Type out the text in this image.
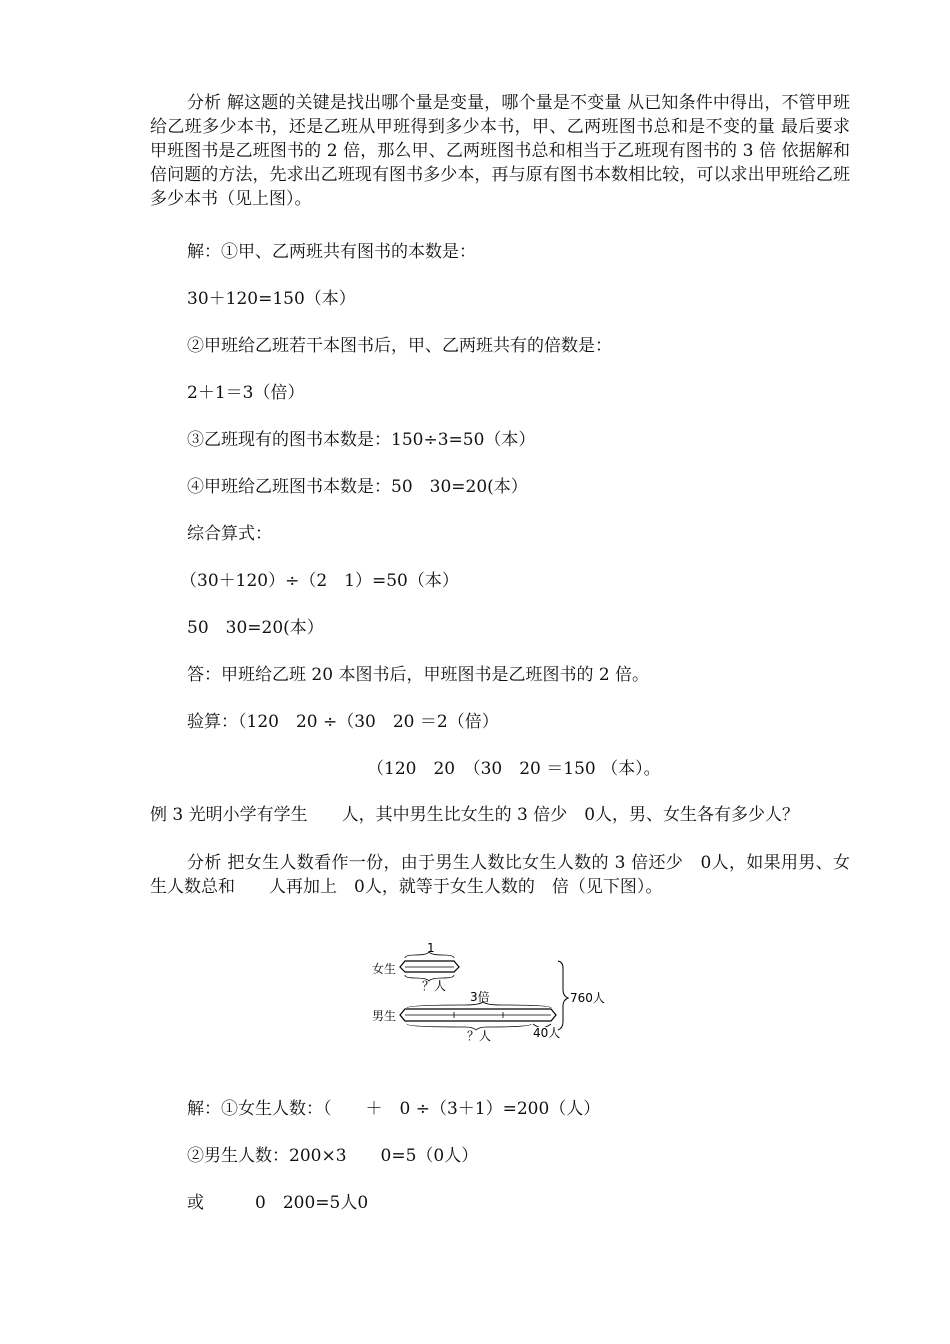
分析 解这题的关键是找出哪个量是变量，哪个量是不变量 从已知条件中得出，不管甲班给乙班多少本书，还是乙班从甲班得到多少本书，甲、乙两班图书总和是不变的量 最后要求甲班图书是乙班图书的 2 倍，那么甲、乙两班图书总和相当于乙班现有图书的 3 倍 依据解和倍问题的方法，先求出乙班现有图书多少本，再与原有图书本数相比较，可以求出甲班给乙班多少本书（见上图）。
解：①甲、乙两班共有图书的本数是：
30＋120=150（本）
②甲班给乙班若干本图书后，甲、乙两班共有的倍数是：
2＋1＝3（倍）
③乙班现有的图书本数是：150÷3=50（本）
④甲班给乙班图书本数是：50　30=20(本）
综合算式：
（30＋120）÷（2　1）=50（本）
50　30=20(本）
答：甲班给乙班 20 本图书后，甲班图书是乙班图书的 2 倍。
验算：（120　20 ÷（30　20 ＝2（倍）
（120　20　（30　20 ＝150 （本）。
例 3 光明小学有学生　　人，其中男生比女生的 3 倍少　0人，男、女生各有多少人？
分析 把女生人数看作一份，由于男生人数比女生人数的 3 倍还少　0人，如果用男、女生人数总和　　人再加上　0人，就等于女生人数的　倍（见下图）。
女生
1
？人
3倍
男生
？人	40人
760人
解：①女生人数：（　　＋　0 ÷（3＋1）=200（人）
②男生人数：200×3　　0=5（0人）
或　　　0　200=5人0
